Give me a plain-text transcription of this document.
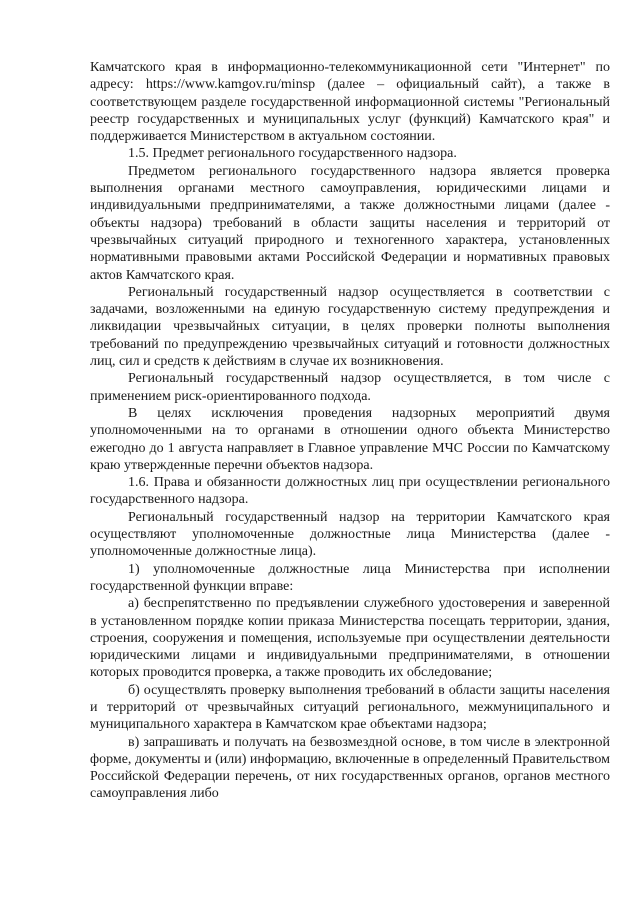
Камчатского края в информационно-телекоммуникационной сети "Интернет" по адресу: https://www.kamgov.ru/minsp (далее – официальный сайт), а также в соответствующем разделе государственной информационной системы "Региональный реестр государственных и муниципальных услуг (функций) Камчатского края" и поддерживается Министерством в актуальном состоянии.

1.5. Предмет регионального государственного надзора.

Предметом регионального государственного надзора является проверка выполнения органами местного самоуправления, юридическими лицами и индивидуальными предпринимателями, а также должностными лицами (далее - объекты надзора) требований в области защиты населения и территорий от чрезвычайных ситуаций природного и техногенного характера, установленных нормативными правовыми актами Российской Федерации и нормативных правовых актов Камчатского края.

Региональный государственный надзор осуществляется в соответствии с задачами, возложенными на единую государственную систему предупреждения и ликвидации чрезвычайных ситуации, в целях проверки полноты выполнения требований по предупреждению чрезвычайных ситуаций и готовности должностных лиц, сил и средств к действиям в случае их возникновения.

Региональный государственный надзор осуществляется, в том числе с применением риск-ориентированного подхода.

В целях исключения проведения надзорных мероприятий двумя уполномоченными на то органами в отношении одного объекта Министерство ежегодно до 1 августа направляет в Главное управление МЧС России по Камчатскому краю утвержденные перечни объектов надзора.

1.6. Права и обязанности должностных лиц при осуществлении регионального государственного надзора.

Региональный государственный надзор на территории Камчатского края осуществляют уполномоченные должностные лица Министерства (далее - уполномоченные должностные лица).

1) уполномоченные должностные лица Министерства при исполнении государственной функции вправе:

а) беспрепятственно по предъявлении служебного удостоверения и заверенной в установленном порядке копии приказа Министерства посещать территории, здания, строения, сооружения и помещения, используемые при осуществлении деятельности юридическими лицами и индивидуальными предпринимателями, в отношении которых проводится проверка, а также проводить их обследование;

б) осуществлять проверку выполнения требований в области защиты населения и территорий от чрезвычайных ситуаций регионального, межмуниципального и муниципального характера в Камчатском крае объектами надзора;

в) запрашивать и получать на безвозмездной основе, в том числе в электронной форме, документы и (или) информацию, включенные в определенный Правительством Российской Федерации перечень, от них государственных органов, органов местного самоуправления либо
